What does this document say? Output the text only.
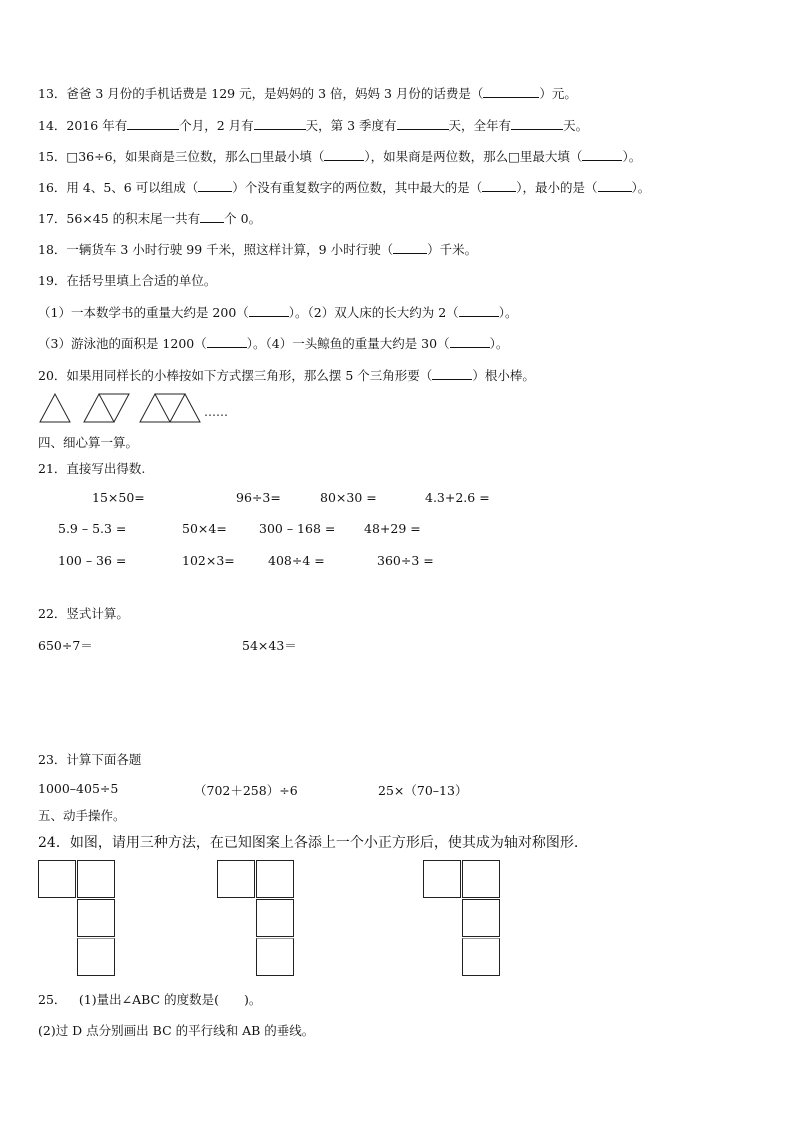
13．爸爸 3 月份的手机话费是 129 元，是妈妈的 3 倍，妈妈 3 月份的话费是（	）元。
14．2016 年有	个月，2 月有	天，第 3 季度有	天，全年有	天。
15．□36÷6，如果商是三位数，那么□里最小填（	），如果商是两位数，那么□里最大填（	）。
16．用 4、5、6 可以组成（	）个没有重复数字的两位数，其中最大的是（	），最小的是（	）。
17．56×45 的积末尾一共有 个 0。
18．一辆货车 3 小时行驶 99 千米，照这样计算，9 小时行驶（	）千米。
19．在括号里填上合适的单位。
（1）一本数学书的重量大约是 200（	）。（2）双人床的长大约为 2（	）。
（3）游泳池的面积是 1200（	）。（4）一头鲸鱼的重量大约是 30（	）。
20．如果用同样长的小棒按如下方式摆三角形，那么摆 5 个三角形要（	）根小棒。
……
四、细心算一算。
21．直接写出得数.
15×50=	96÷3=	80×30 =	4.3+2.6 =
5.9 – 5.3 =	50×4=	300 – 168 = 48+29 =
100 – 36 =	102×3=	408÷4 =	360÷3 =
22．竖式计算。
650÷7＝	54×43＝
23．计算下面各题
1000–405÷5	（702＋258）÷6	25×（70–13）
五、动手操作。
24．如图，请用三种方法，在已知图案上各添上一个小正方形后，使其成为轴对称图形.
25．  (1)量出∠ABC 的度数是(　　)。
(2)过 D 点分别画出 BC 的平行线和 AB 的垂线。
